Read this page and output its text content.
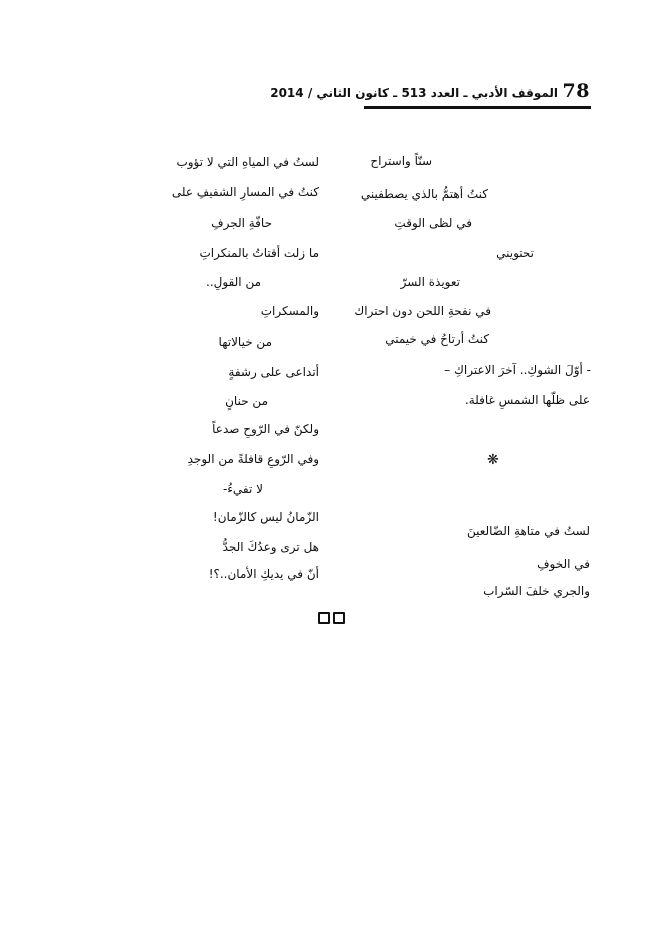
78
الموقف الأدبي ـ العدد 513 ـ كانون الثاني / 2014
سنّاً واستراح
كنتُ أهتمُّ بالذي يصطفيني
في لظى الوقتِ
تحتويني
تعويذة السرّ
في نفحةِ اللحن دون احتراك
كنتُ أرتاحُ في خيمتي
- أوّلَ الشوكِ.. آخرَ الاعتراكِ –
على ظلّها الشمسِ غافلة.
لستُ في المياهِ التي لا تؤوب
كنتُ في المسارِ الشفيفِ على
حافّةِ الجرفِ
ما زلت أقتاتُ بالمنكراتِ
من القولِ..
والمسكراتِ
من خيالاتها
أتداعى على رشفةٍ
من حنانٍ
ولكنّ في الرّوحِ صدعاً
وفي الرّوعِ قافلةً من الوجدِ
لا تفيءُ-
الزّمانُ ليس كالزّمان!
هل ترى وعدُكَ الجدُّ
أنّ في يديكِ الأمان..؟!
❋
لستُ في متاهةِ الضّالعينَ
في الخوفِ
والجري خلفَ السّراب
